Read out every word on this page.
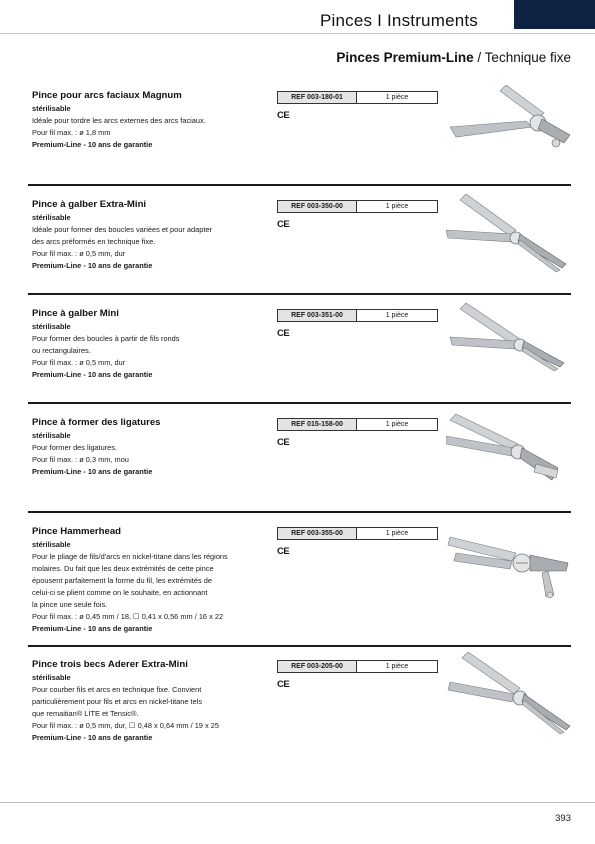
Pinces I Instruments
Pinces Premium-Line / Technique fixe
Pince pour arcs faciaux Magnum
stérilisable
Idéale pour tordre les arcs externes des arcs faciaux.
Pour fil max. : ø 1,8 mm
Premium-Line - 10 ans de garantie
REF 003-180-01	1 pièce
CE
Pince à galber Extra-Mini
stérilisable
Idéale pour former des boucles variées et pour adapter
des arcs préformés en technique fixe.
Pour fil max. : ø 0,5 mm, dur
Premium-Line - 10 ans de garantie
REF 003-350-00	1 pièce
CE
Pince à galber Mini
stérilisable
Pour former des boucles à partir de fils ronds
ou rectangulaires.
Pour fil max. : ø 0,5 mm, dur
Premium-Line - 10 ans de garantie
REF 003-351-00	1 pièce
CE
Pince à former des ligatures
stérilisable
Pour former des ligatures.
Pour fil max. : ø 0,3 mm, mou
Premium-Line - 10 ans de garantie
REF 015-158-00	1 pièce
CE
Pince Hammerhead
stérilisable
Pour le pliage de fils/d'arcs en nickel-titane dans les régions
molaires. Du fait que les deux extrémités de cette pince
épousent parfaitement la forme du fil, les extrémités de
celui-ci se plient comme on le souhaite, en actionnant
la pince une seule fois.
Pour fil max. : ø 0,45 mm / 18, ☐ 0,41 x 0,56 mm / 16 x 22
Premium-Line - 10 ans de garantie
REF 003-355-00	1 pièce
CE
Pince trois becs Aderer Extra-Mini
stérilisable
Pour courber fils et arcs en technique fixe. Convient
particulièrement pour fils et arcs en nickel-titane tels
que remaitian® LITE et Tensic®.
Pour fil max. : ø 0,5 mm, dur, ☐ 0,48 x 0,64 mm / 19 x 25
Premium-Line - 10 ans de garantie
REF 003-205-00	1 pièce
CE
393
